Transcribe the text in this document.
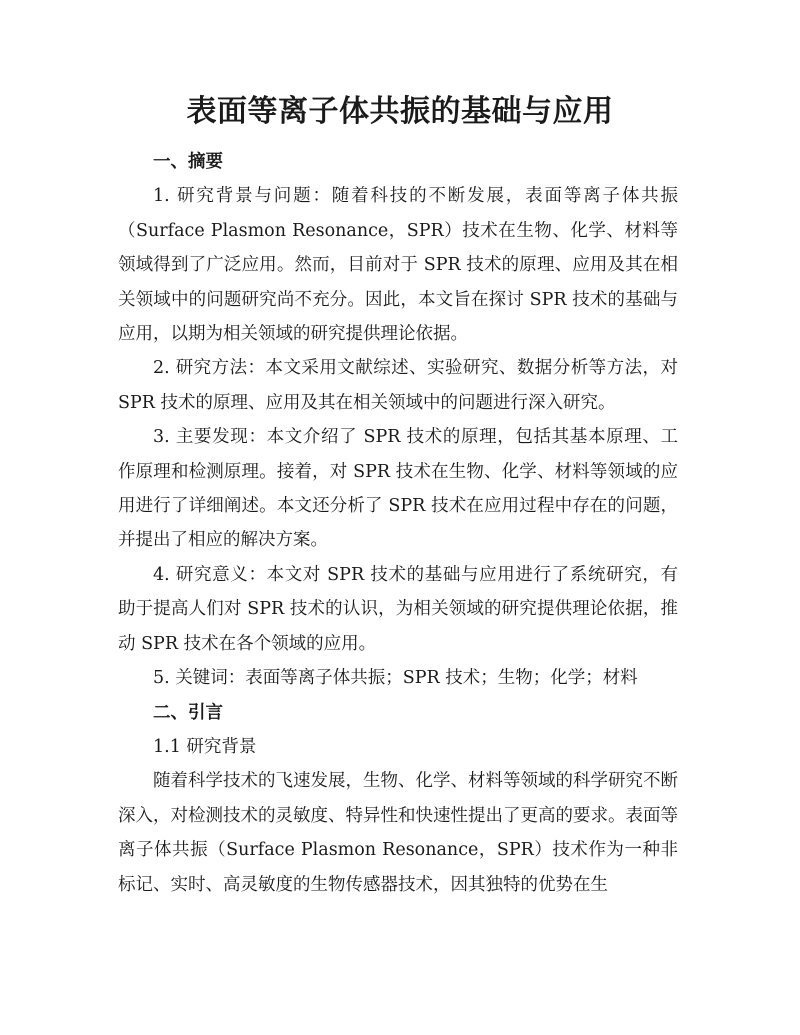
表面等离子体共振的基础与应用

一、摘要

1. 研究背景与问题：随着科技的不断发展，表面等离子体共振（Surface Plasmon Resonance，SPR）技术在生物、化学、材料等领域得到了广泛应用。然而，目前对于 SPR 技术的原理、应用及其在相关领域中的问题研究尚不充分。因此，本文旨在探讨 SPR 技术的基础与应用，以期为相关领域的研究提供理论依据。

2. 研究方法：本文采用文献综述、实验研究、数据分析等方法，对 SPR 技术的原理、应用及其在相关领域中的问题进行深入研究。

3. 主要发现：本文介绍了 SPR 技术的原理，包括其基本原理、工作原理和检测原理。接着，对 SPR 技术在生物、化学、材料等领域的应用进行了详细阐述。本文还分析了 SPR 技术在应用过程中存在的问题，并提出了相应的解决方案。

4. 研究意义：本文对 SPR 技术的基础与应用进行了系统研究，有助于提高人们对 SPR 技术的认识，为相关领域的研究提供理论依据，推动 SPR 技术在各个领域的应用。

5. 关键词：表面等离子体共振；SPR 技术；生物；化学；材料

二、引言

1.1 研究背景

随着科学技术的飞速发展，生物、化学、材料等领域的科学研究不断深入，对检测技术的灵敏度、特异性和快速性提出了更高的要求。表面等离子体共振（Surface Plasmon Resonance，SPR）技术作为一种非标记、实时、高灵敏度的生物传感器技术，因其独特的优势在生
